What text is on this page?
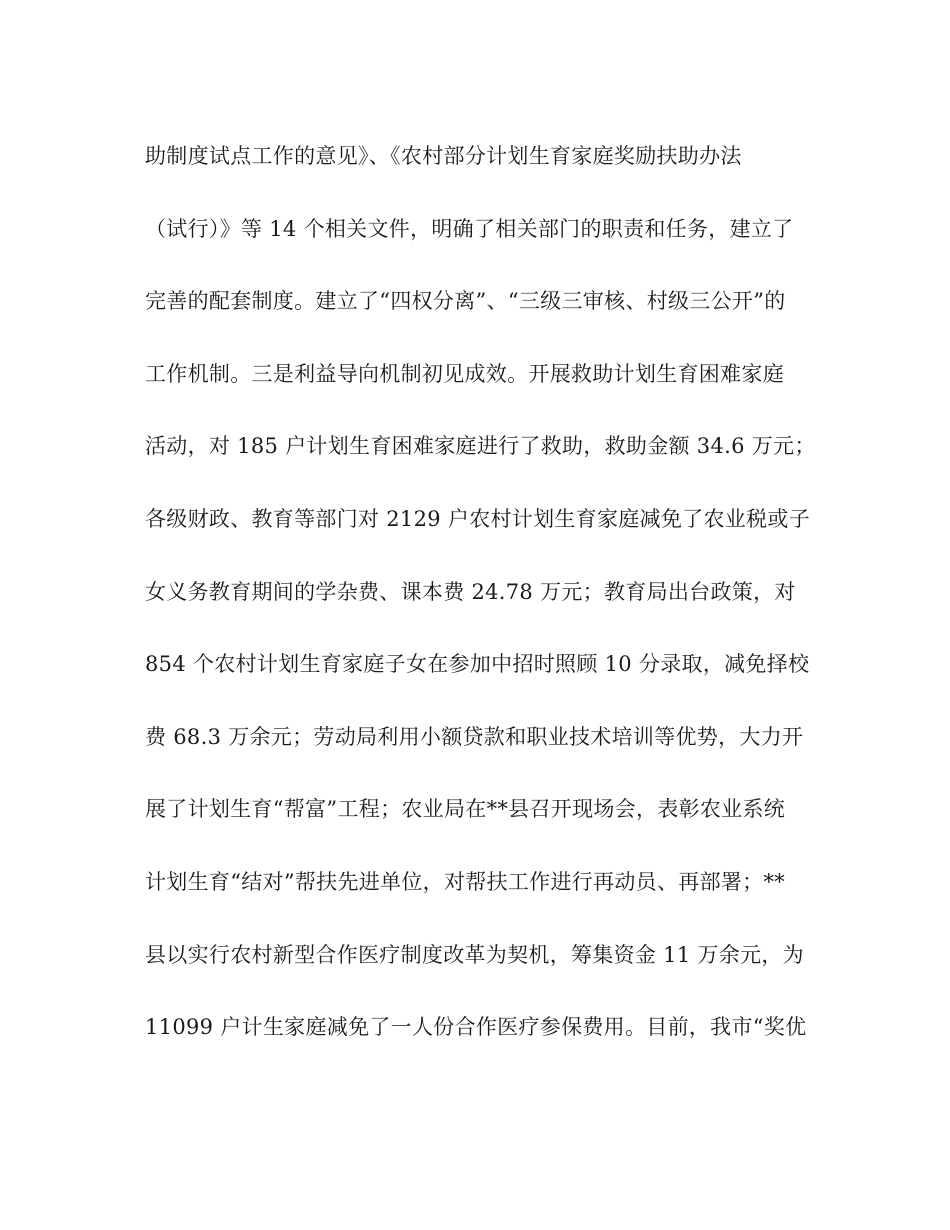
助制度试点工作的意见》、《农村部分计划生育家庭奖励扶助办法
（试行）》等 14 个相关文件，明确了相关部门的职责和任务，建立了
完善的配套制度。建立了“四权分离”、“三级三审核、村级三公开”的
工作机制。三是利益导向机制初见成效。开展救助计划生育困难家庭
活动，对 185 户计划生育困难家庭进行了救助，救助金额 34.6 万元；
各级财政、教育等部门对 2129 户农村计划生育家庭减免了农业税或子
女义务教育期间的学杂费、课本费 24.78 万元；教育局出台政策，对
854 个农村计划生育家庭子女在参加中招时照顾 10 分录取，减免择校
费 68.3 万余元；劳动局利用小额贷款和职业技术培训等优势，大力开
展了计划生育“帮富”工程；农业局在**县召开现场会，表彰农业系统
计划生育“结对”帮扶先进单位，对帮扶工作进行再动员、再部署；**
县以实行农村新型合作医疗制度改革为契机，筹集资金 11 万余元，为
11099 户计生家庭减免了一人份合作医疗参保费用。目前，我市“奖优
